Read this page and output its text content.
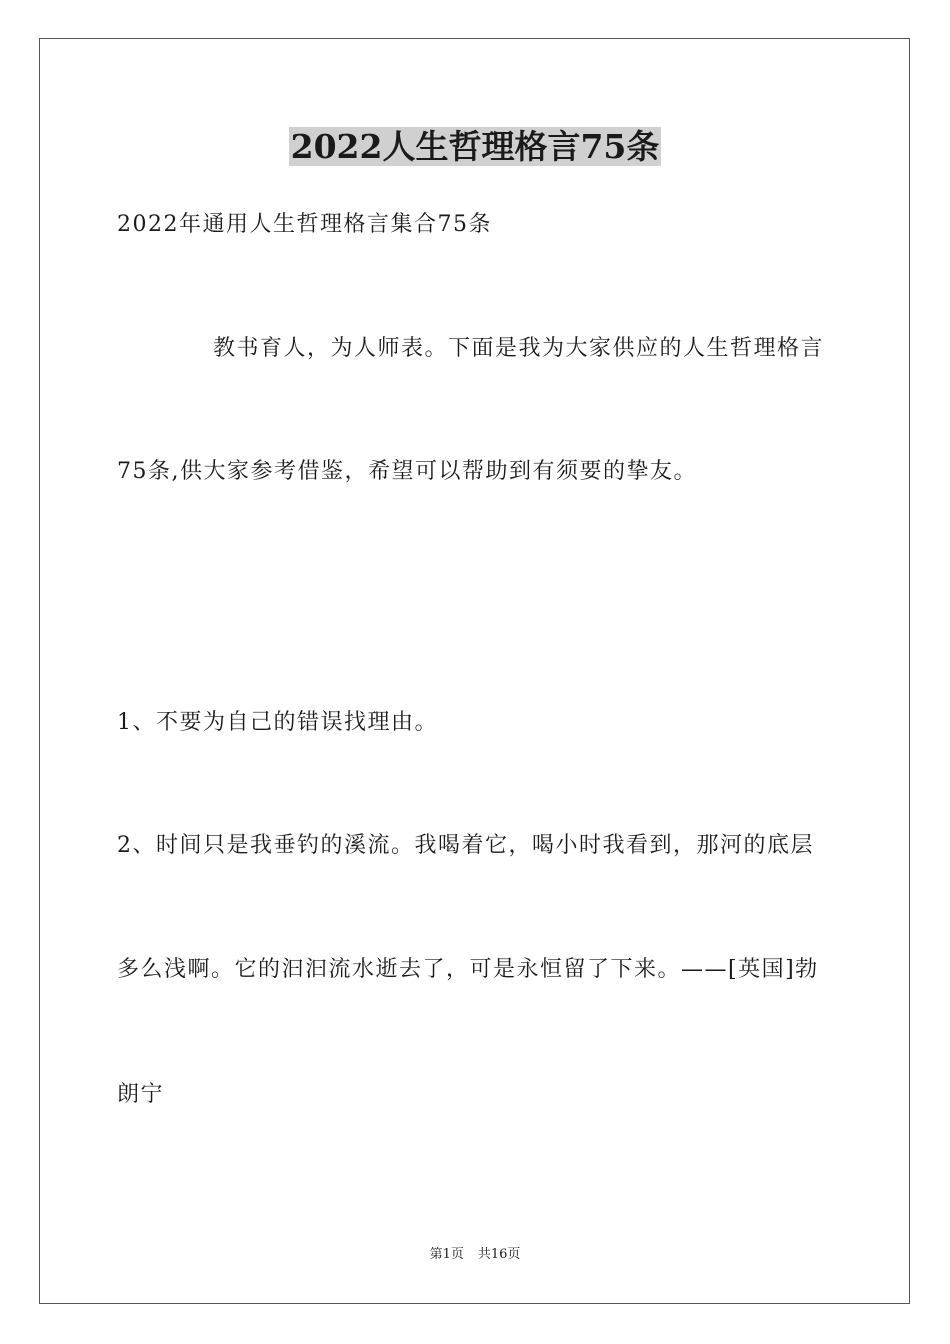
2022人生哲理格言75条
2022年通用人生哲理格言集合75条
教书育人，为人师表。下面是我为大家供应的人生哲理格言
75条,供大家参考借鉴，希望可以帮助到有须要的挚友。
1、不要为自己的错误找理由。
2、时间只是我垂钓的溪流。我喝着它，喝小时我看到，那河的底层
多么浅啊。它的汩汩流水逝去了，可是永恒留了下来。——[英国]勃
朗宁
第1页 共16页
